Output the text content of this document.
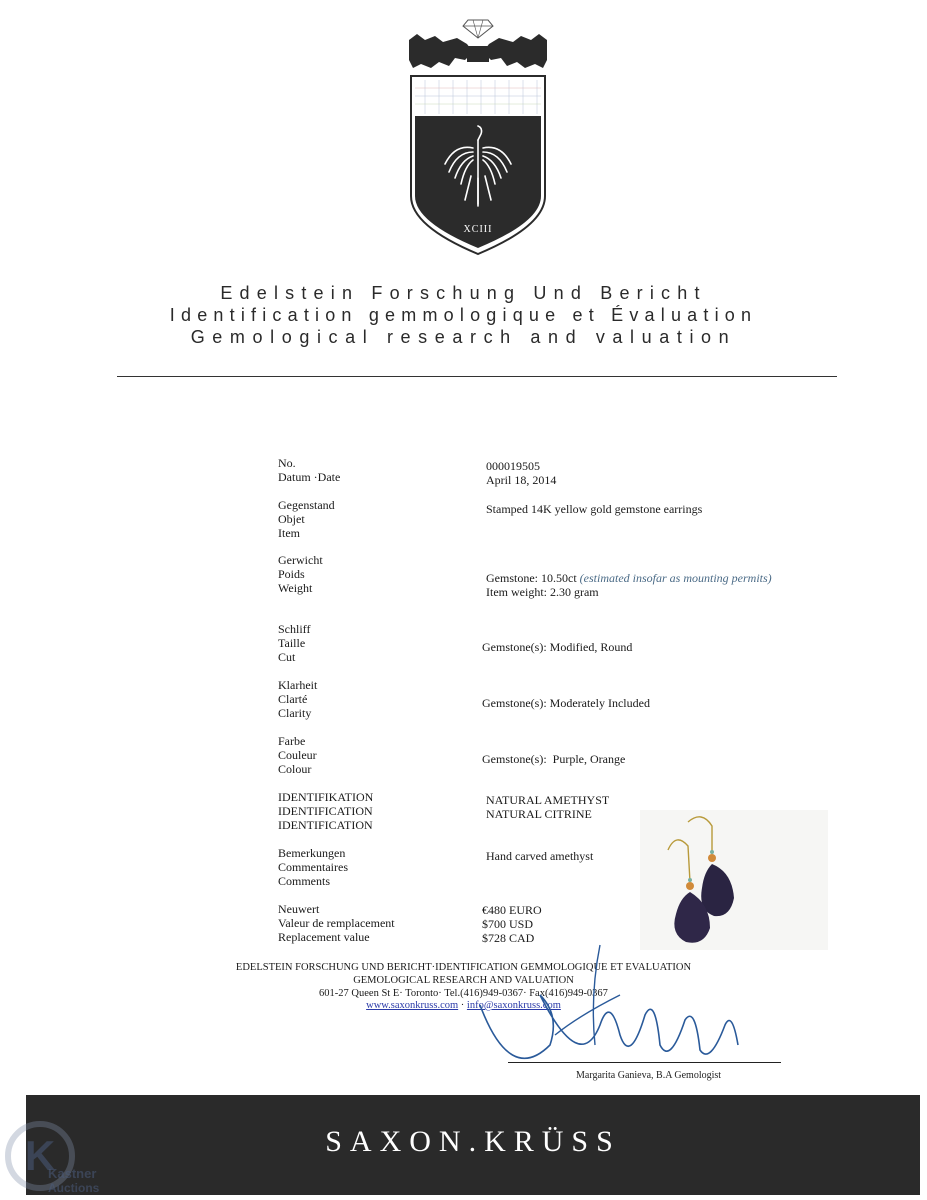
XCIII
Edelstein Forschung Und Bericht
Identification gemmologique et Évaluation
Gemological research and valuation
No.
Datum ·Date
000019505
April 18, 2014
Gegenstand
Objet
Item
Stamped 14K yellow gold gemstone earrings
Gerwicht
Poids
Weight
Gemstone: 10.50ct (estimated insofar as mounting permits)
Item weight: 2.30 gram
Schliff
Taille
Cut
Gemstone(s): Modified, Round
Klarheit
Clarté
Clarity
Gemstone(s): Moderately Included
Farbe
Couleur
Colour
Gemstone(s):  Purple, Orange
IDENTIFIKATION
IDENTIFICATION
IDENTIFICATION
NATURAL AMETHYST
NATURAL CITRINE
Bemerkungen
Commentaires
Comments
Hand carved amethyst
Neuwert
Valeur de remplacement
Replacement value
€480 EURO
$700 USD
$728 CAD
EDELSTEIN FORSCHUNG UND BERICHT·IDENTIFICATION GEMMOLOGIQUE ET EVALUATION
GEMOLOGICAL RESEARCH AND VALUATION
601-27 Queen St E· Toronto· Tel.(416)949-0367· Fax(416)949-0367
www.saxonkruss.com · info@saxonkruss.com
Margarita Ganieva, B.A Gemologist
SAXON.KRÜSS
K
Kastner
Auctions
